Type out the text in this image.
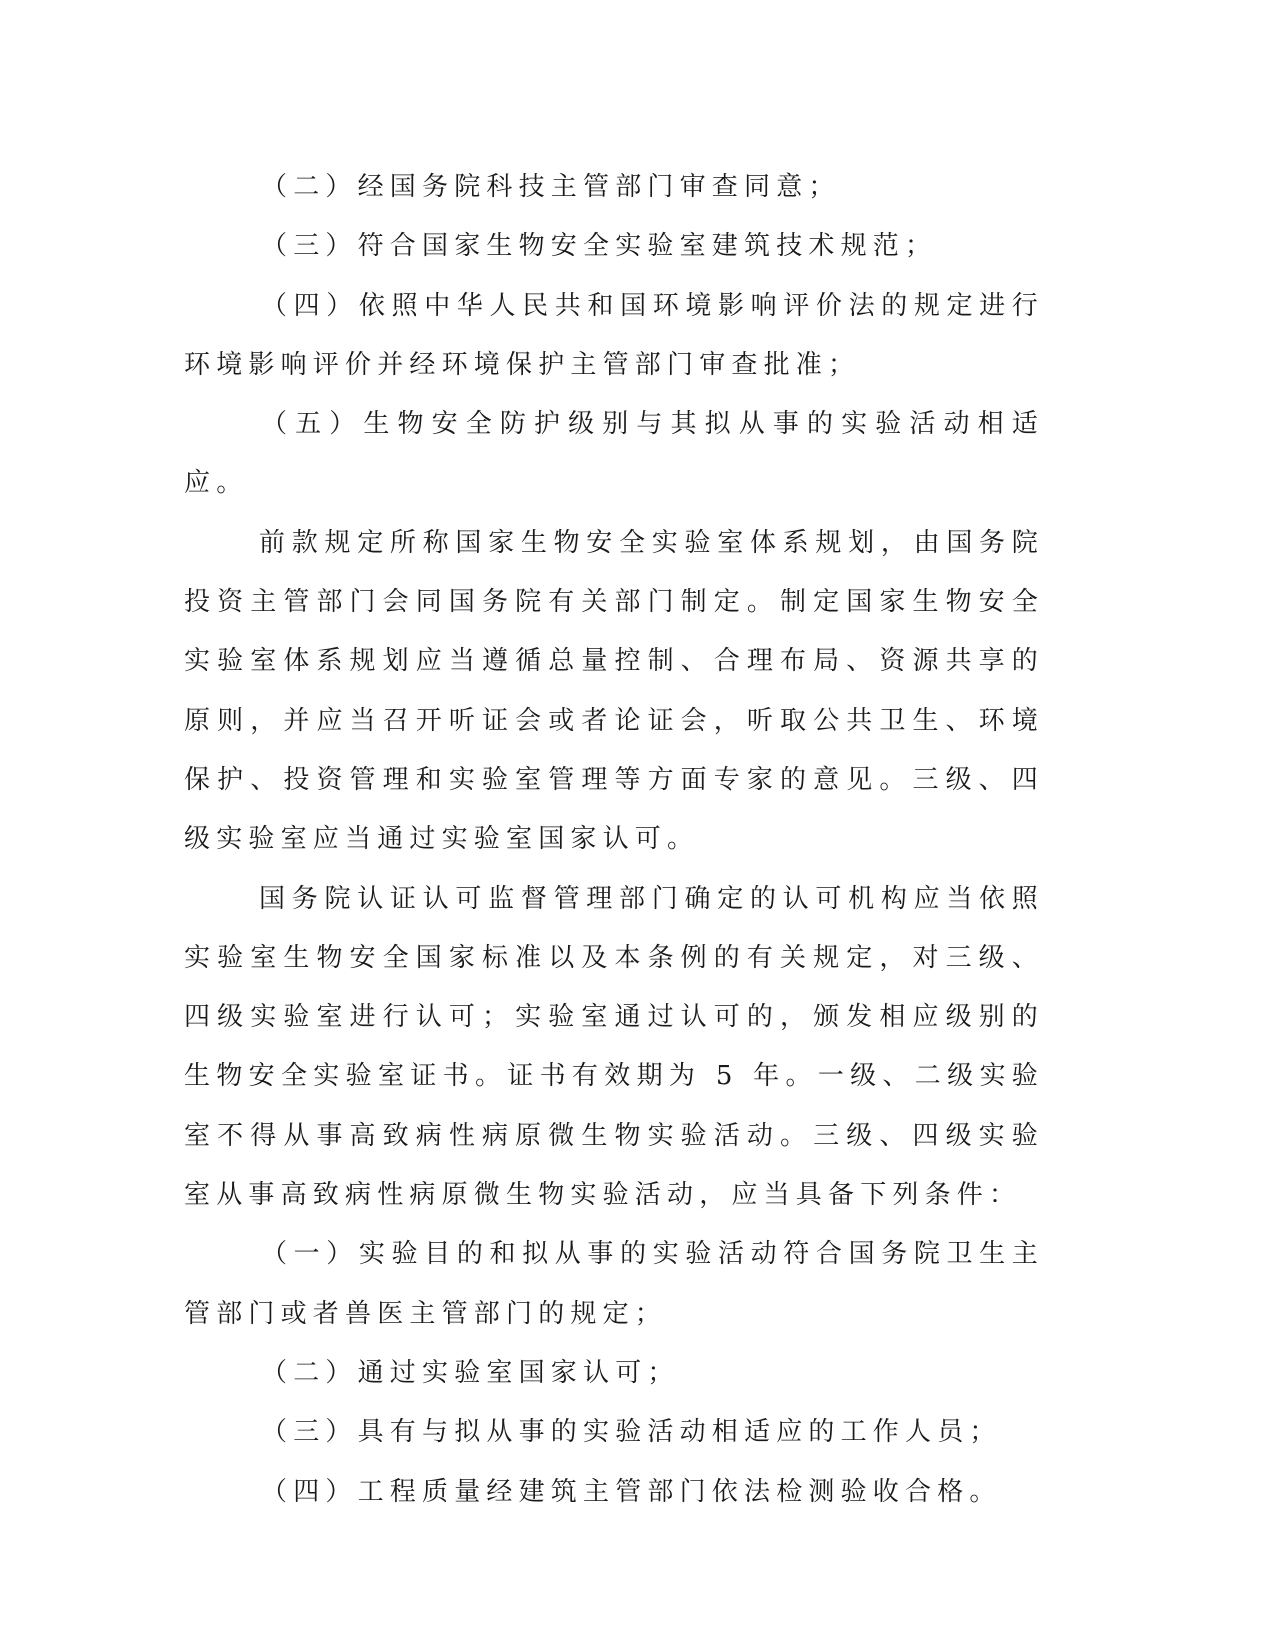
（二）经国务院科技主管部门审查同意；

（三）符合国家生物安全实验室建筑技术规范；

（四）依照中华人民共和国环境影响评价法的规定进行环境影响评价并经环境保护主管部门审查批准；

（五）生物安全防护级别与其拟从事的实验活动相适应。

前款规定所称国家生物安全实验室体系规划，由国务院投资主管部门会同国务院有关部门制定。制定国家生物安全实验室体系规划应当遵循总量控制、合理布局、资源共享的原则，并应当召开听证会或者论证会，听取公共卫生、环境保护、投资管理和实验室管理等方面专家的意见。三级、四级实验室应当通过实验室国家认可。

国务院认证认可监督管理部门确定的认可机构应当依照实验室生物安全国家标准以及本条例的有关规定，对三级、四级实验室进行认可；实验室通过认可的，颁发相应级别的生物安全实验室证书。证书有效期为 5 年。一级、二级实验室不得从事高致病性病原微生物实验活动。三级、四级实验室从事高致病性病原微生物实验活动，应当具备下列条件：

（一）实验目的和拟从事的实验活动符合国务院卫生主管部门或者兽医主管部门的规定；

（二）通过实验室国家认可；

（三）具有与拟从事的实验活动相适应的工作人员；

（四）工程质量经建筑主管部门依法检测验收合格。
